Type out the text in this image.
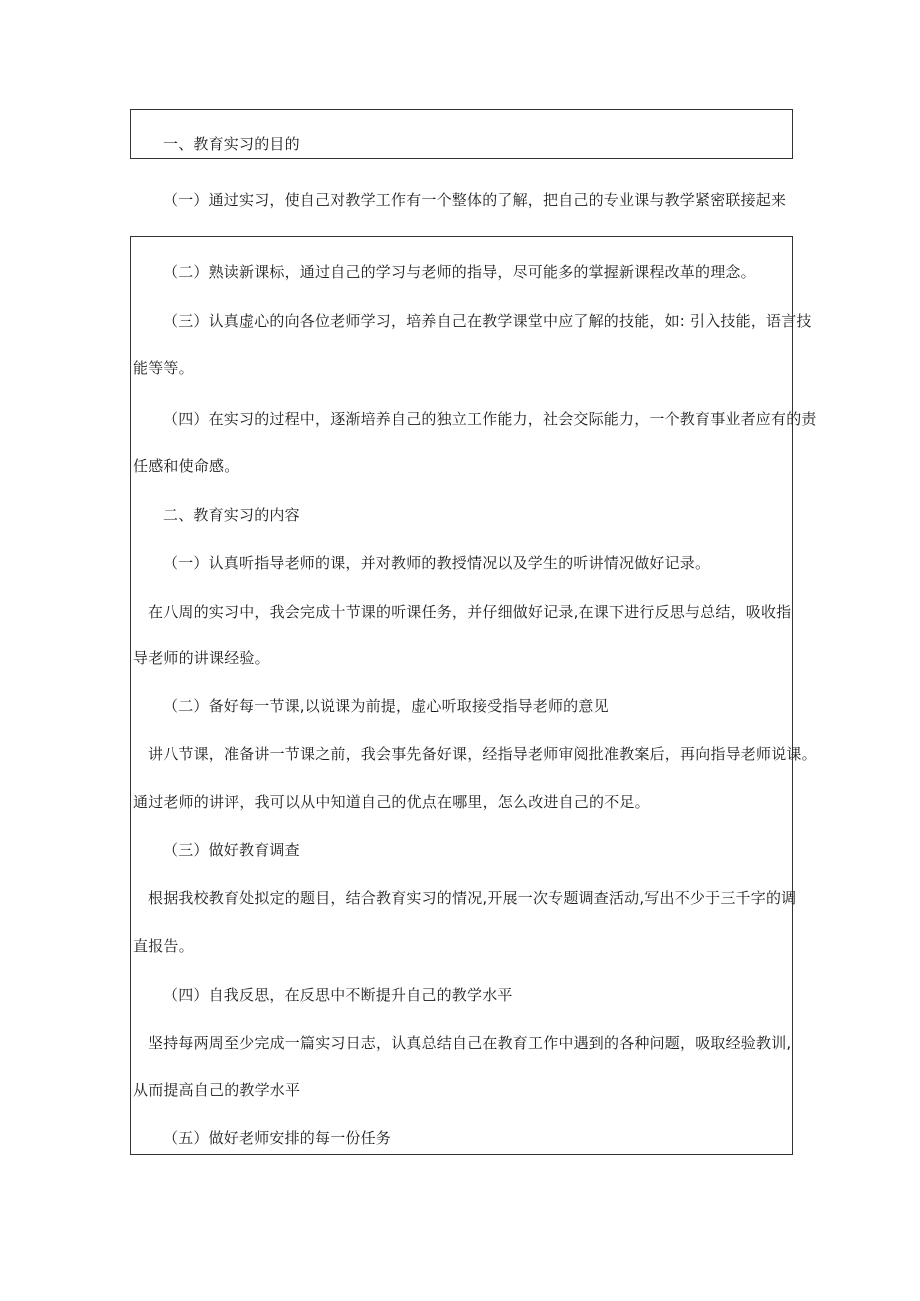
一、教育实习的目的
（一）通过实习，使自己对教学工作有一个整体的了解，把自己的专业课与教学紧密联接起来
（二）熟读新课标，通过自己的学习与老师的指导，尽可能多的掌握新课程改革的理念。
（三）认真虚心的向各位老师学习，培养自己在教学课堂中应了解的技能，如: 引入技能，语言技
能等等。
（四）在实习的过程中，逐渐培养自己的独立工作能力，社会交际能力，一个教育事业者应有的责
任感和使命感。
二、教育实习的内容
（一）认真听指导老师的课，并对教师的教授情况以及学生的听讲情况做好记录。
在八周的实习中，我会完成十节课的听课任务，并仔细做好记录,在课下进行反思与总结，吸收指
导老师的讲课经验。
（二）备好每一节课,以说课为前提，虚心听取接受指导老师的意见
讲八节课，准备讲一节课之前，我会事先备好课，经指导老师审阅批准教案后，再向指导老师说课。
通过老师的讲评，我可以从中知道自己的优点在哪里，怎么改进自己的不足。
（三）做好教育调查
根据我校教育处拟定的题目，结合教育实习的情况,开展一次专题调查活动,写出不少于三千字的调
直报告。
（四）自我反思，在反思中不断提升自己的教学水平
坚持每两周至少完成一篇实习日志，认真总结自己在教育工作中遇到的各种问题，吸取经验教训,
从而提高自己的教学水平
（五）做好老师安排的每一份任务
